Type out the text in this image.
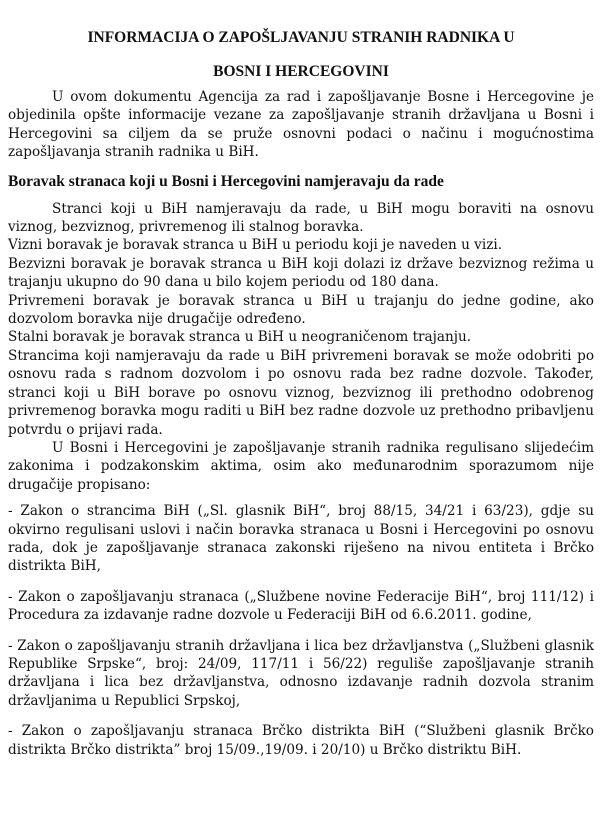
INFORMACIJA O ZAPOŠLJAVANJU STRANIH RADNIKA U
BOSNI I HERCEGOVINI

U ovom dokumentu Agencija za rad i zapošljavanje Bosne i Hercegovine je objedinila opšte informacije vezane za zapošljavanje stranih državljana u Bosni i Hercegovini sa ciljem da se pruže osnovni podaci o načinu i mogućnostima zapošljavanja stranih radnika u BiH.

Boravak stranaca koji u Bosni i Hercegovini namjeravaju da rade

Stranci koji u BiH namjeravaju da rade, u BiH mogu boraviti na osnovu viznog, bezviznog, privremenog ili stalnog boravka.

Vizni boravak je boravak stranca u BiH u periodu koji je naveden u vizi.

Bezvizni boravak je boravak stranca u BiH koji dolazi iz države bezviznog režima u trajanju ukupno do 90 dana u bilo kojem periodu od 180 dana.

Privremeni boravak je boravak stranca u BiH u trajanju do jedne godine, ako dozvolom boravka nije drugačije određeno.

Stalni boravak je boravak stranca u BiH u neograničenom trajanju.

Strancima koji namjeravaju da rade u BiH privremeni boravak se može odobriti po osnovu rada s radnom dozvolom i po osnovu rada bez radne dozvole. Također, stranci koji u BiH borave po osnovu viznog, bezviznog ili prethodno odobrenog privremenog boravka mogu raditi u BiH bez radne dozvole uz prethodno pribavljenu potvrdu o prijavi rada.

U Bosni i Hercegovini je zapošljavanje stranih radnika regulisano slijedećim zakonima i podzakonskim aktima, osim ako međunarodnim sporazumom nije drugačije propisano:

- Zakon o strancima BiH („Sl. glasnik BiH“, broj 88/15, 34/21 i 63/23), gdje su okvirno regulisani uslovi i način boravka stranaca u Bosni i Hercegovini po osnovu rada, dok je zapošljavanje stranaca zakonski riješeno na nivou entiteta i Brčko distrikta BiH,

- Zakon o zapošljavanju stranaca („Službene novine Federacije BiH“, broj 111/12) i Procedura za izdavanje radne dozvole u Federaciji BiH od 6.6.2011. godine,

- Zakon o zapošljavanju stranih državljana i lica bez državljanstva („Službeni glasnik Republike Srpske“, broj: 24/09, 117/11 i 56/22) reguliše zapošljavanje stranih državljana i lica bez državljanstva, odnosno izdavanje radnih dozvola stranim državljanima u Republici Srpskoj,

- Zakon o zapošljavanju stranaca Brčko distrikta BiH (“Službeni glasnik Brčko distrikta Brčko distrikta” broj 15/09.,19/09. i 20/10) u Brčko distriktu BiH.
